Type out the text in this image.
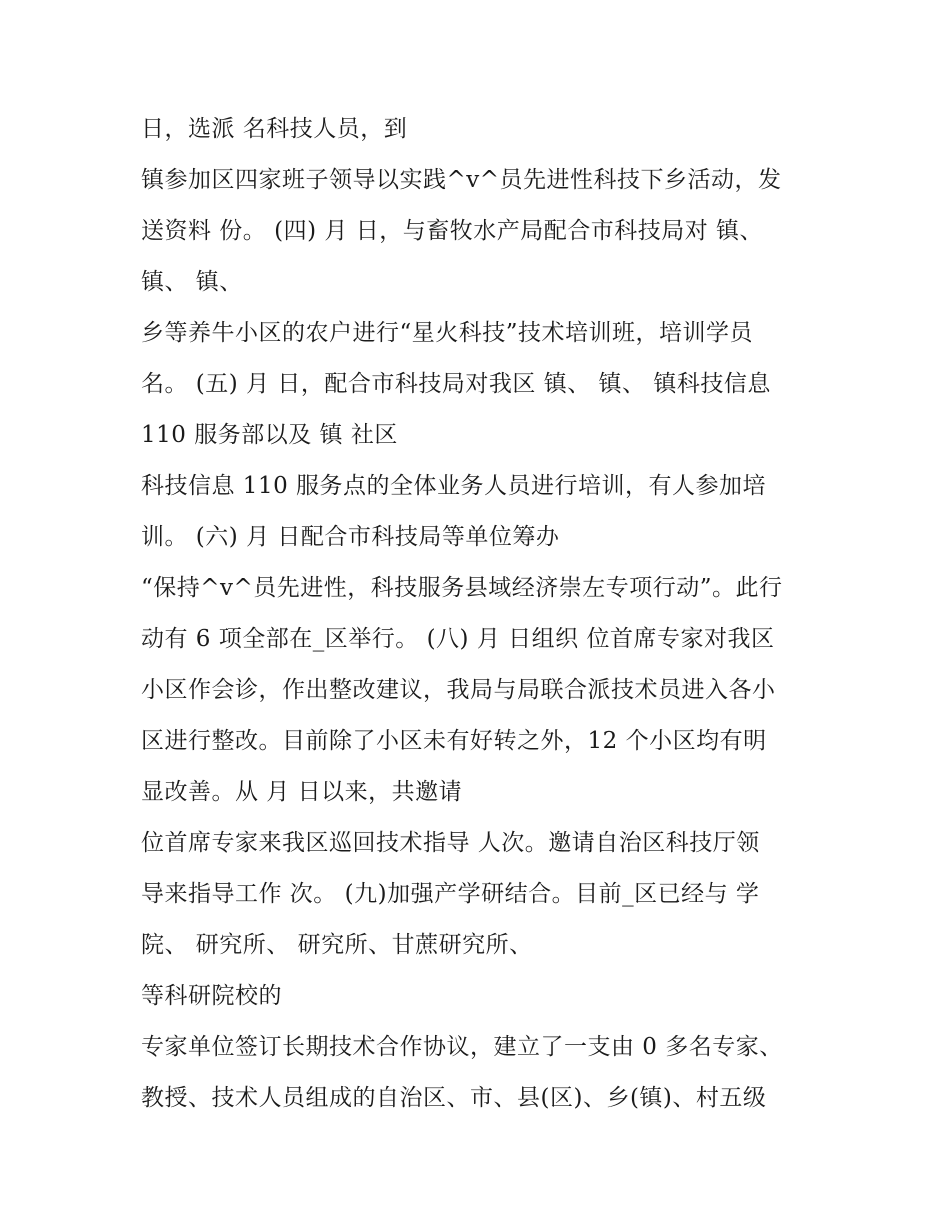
日，选派 名科技人员，到
镇参加区四家班子领导以实践^v^员先进性科技下乡活动，发
送资料 份。 (四) 月 日，与畜牧水产局配合市科技局对 镇、
镇、 镇、
乡等养牛小区的农户进行“星火科技”技术培训班，培训学员
名。 (五) 月 日，配合市科技局对我区 镇、 镇、 镇科技信息
110 服务部以及 镇 社区
科技信息 110 服务点的全体业务人员进行培训，有人参加培
训。 (六) 月 日配合市科技局等单位筹办
“保持^v^员先进性，科技服务县域经济崇左专项行动”。此行
动有 6 项全部在_区举行。 (八) 月 日组织 位首席专家对我区
小区作会诊，作出整改建议，我局与局联合派技术员进入各小
区进行整改。目前除了小区未有好转之外，12 个小区均有明
显改善。从 月 日以来，共邀请
位首席专家来我区巡回技术指导 人次。邀请自治区科技厅领
导来指导工作 次。 (九)加强产学研结合。目前_区已经与 学
院、 研究所、 研究所、甘蔗研究所、
等科研院校的
专家单位签订长期技术合作协议，建立了一支由 0 多名专家、
教授、技术人员组成的自治区、市、县(区)、乡(镇)、村五级
